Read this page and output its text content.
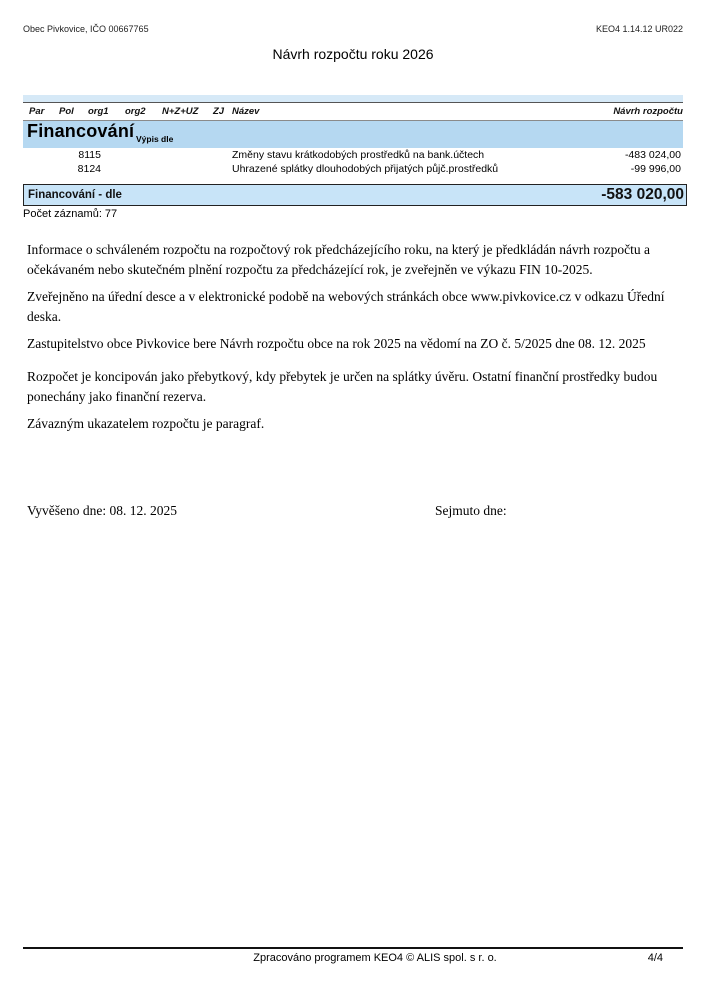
Obec Pivkovice, IČO 00667765	KEO4 1.14.12 UR022
Návrh rozpočtu roku 2026
Par Pol org1 org2 N+Z+UZ ZJ Název	Návrh rozpočtu
Financování Výpis dle
8115	Změny stavu krátkodobých prostředků na bank.účtech	-483 024,00
8124	Uhrazené splátky dlouhodobých přijatých půjč.prostředků	-99 996,00
Financování - dle	-583 020,00
Počet záznamů: 77
Informace o schváleném rozpočtu na rozpočtový rok předcházejícího roku, na který je předkládán návrh rozpočtu a očekávaném nebo skutečném plnění rozpočtu za předcházející rok, je zveřejněn ve výkazu FIN 10-2025.
Zveřejněno na úřední desce a v elektronické podobě na webových stránkách obce www.pivkovice.cz v odkazu Úřední deska.
Zastupitelstvo obce Pivkovice bere Návrh rozpočtu obce na rok 2025 na vědomí na ZO č. 5/2025 dne 08. 12. 2025
Rozpočet je koncipován jako přebytkový, kdy přebytek je určen na splátky úvěru. Ostatní finanční prostředky budou ponechány jako finanční rezerva.
Závazným ukazatelem rozpočtu je paragraf.
Vyvěšeno dne: 08. 12. 2025	Sejmuto dne:
Zpracováno programem KEO4 © ALIS spol. s r. o.	4/4
